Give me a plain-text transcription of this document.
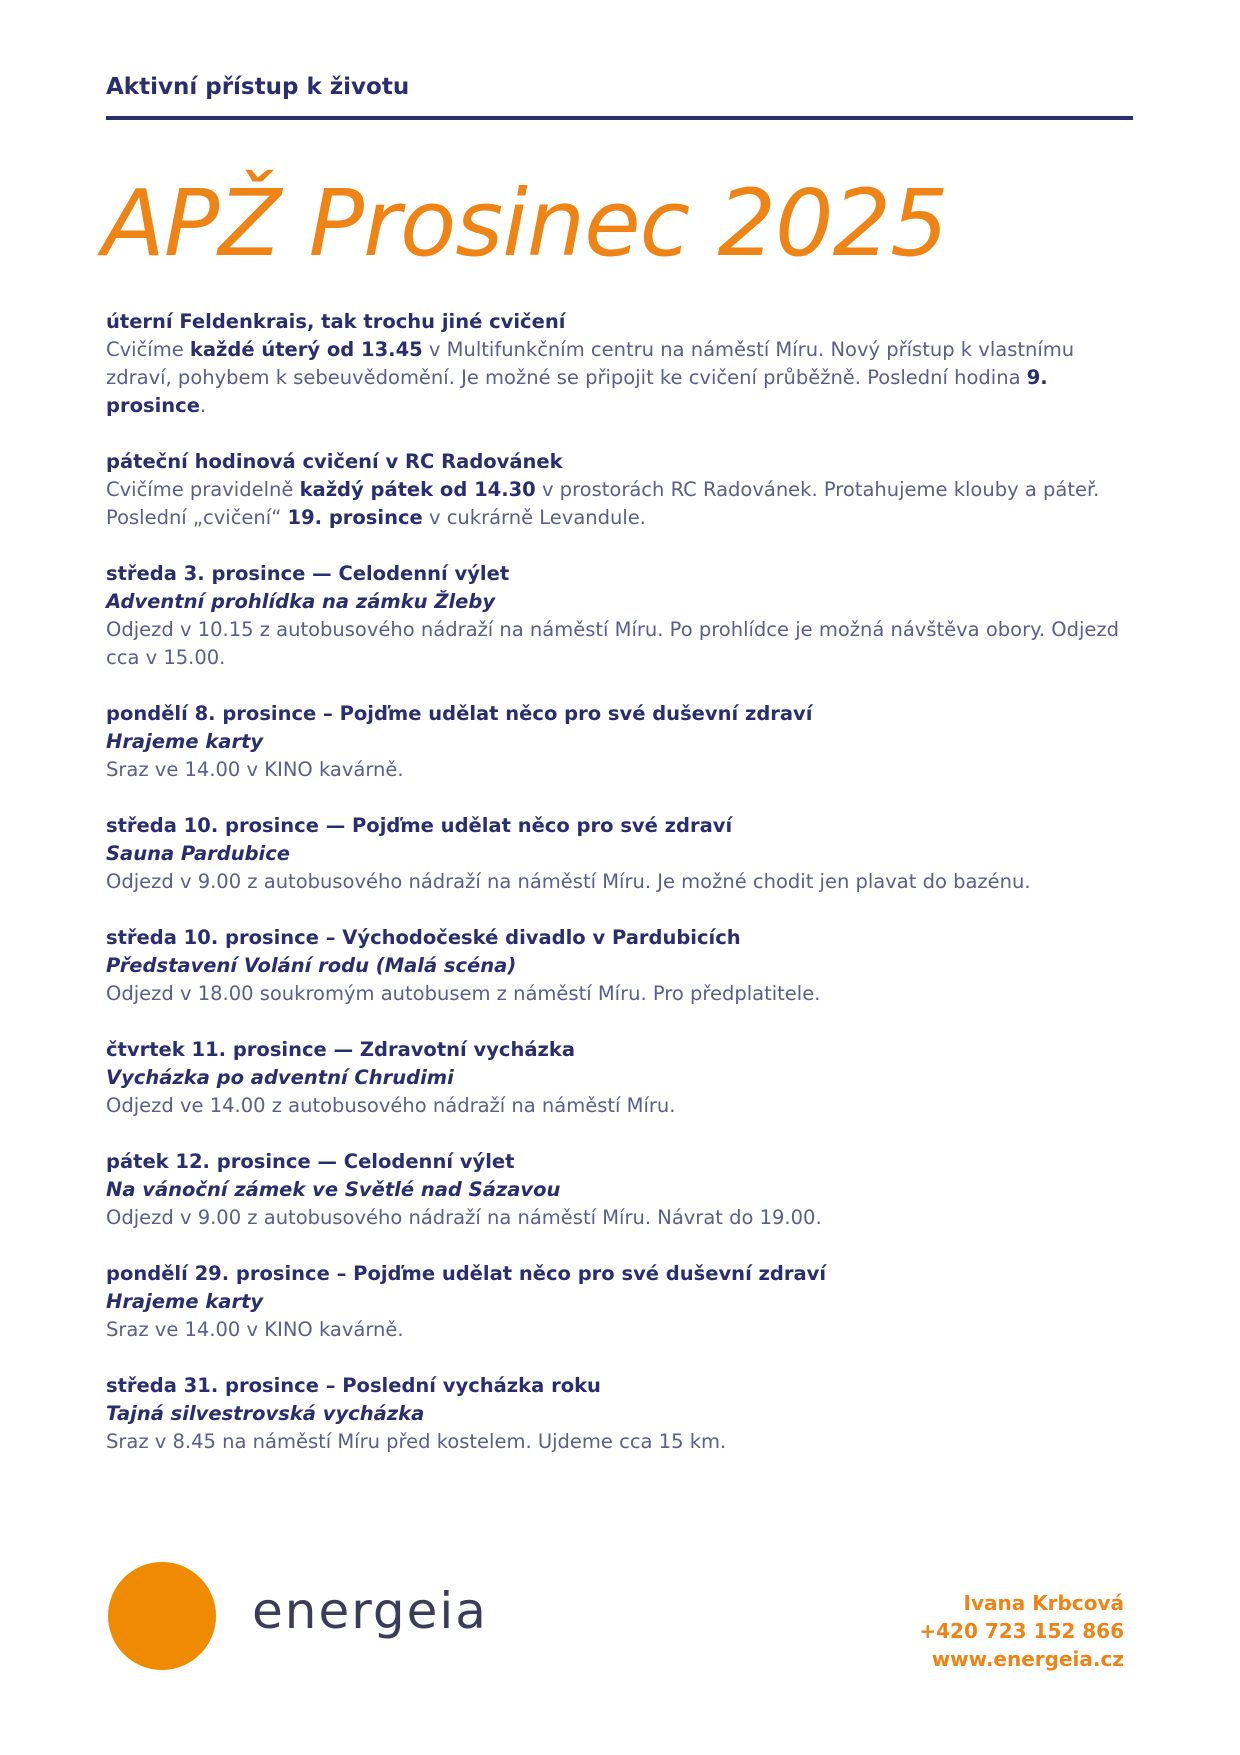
Aktivní přístup k životu
APŽ Prosinec 2025
úterní Feldenkrais, tak trochu jiné cvičení
Cvičíme každé úterý od 13.45 v Multifunkčním centru na náměstí Míru. Nový přístup k vlastnímu zdraví, pohybem k sebeuvědomění. Je možné se připojit ke cvičení průběžně. Poslední hodina 9. prosince.
páteční hodinová cvičení v RC Radovánek
Cvičíme pravidelně každý pátek od 14.30 v prostorách RC Radovánek. Protahujeme klouby a páteř. Poslední „cvičení“ 19. prosince v cukrárně Levandule.
středa 3. prosince — Celodenní výlet
Adventní prohlídka na zámku Žleby
Odjezd v 10.15 z autobusového nádraží na náměstí Míru. Po prohlídce je možná návštěva obory. Odjezd cca v 15.00.
pondělí 8. prosince – Pojďme udělat něco pro své duševní zdraví
Hrajeme karty
Sraz ve 14.00 v KINO kavárně.
středa 10. prosince — Pojďme udělat něco pro své zdraví
Sauna Pardubice
Odjezd v 9.00 z autobusového nádraží na náměstí Míru. Je možné chodit jen plavat do bazénu.
středa 10. prosince – Východočeské divadlo v Pardubicích
Představení Volání rodu (Malá scéna)
Odjezd v 18.00 soukromým autobusem z náměstí Míru. Pro předplatitele.
čtvrtek 11. prosince — Zdravotní vycházka
Vycházka po adventní Chrudimi
Odjezd ve 14.00 z autobusového nádraží na náměstí Míru.
pátek 12. prosince — Celodenní výlet
Na vánoční zámek ve Světlé nad Sázavou
Odjezd v 9.00 z autobusového nádraží na náměstí Míru. Návrat do 19.00.
pondělí 29. prosince – Pojďme udělat něco pro své duševní zdraví
Hrajeme karty
Sraz ve 14.00 v KINO kavárně.
středa 31. prosince – Poslední vycházka roku
Tajná silvestrovská vycházka
Sraz v 8.45 na náměstí Míru před kostelem. Ujdeme cca 15 km.
energeia	Ivana Krbcová
+420 723 152 866
www.energeia.cz
